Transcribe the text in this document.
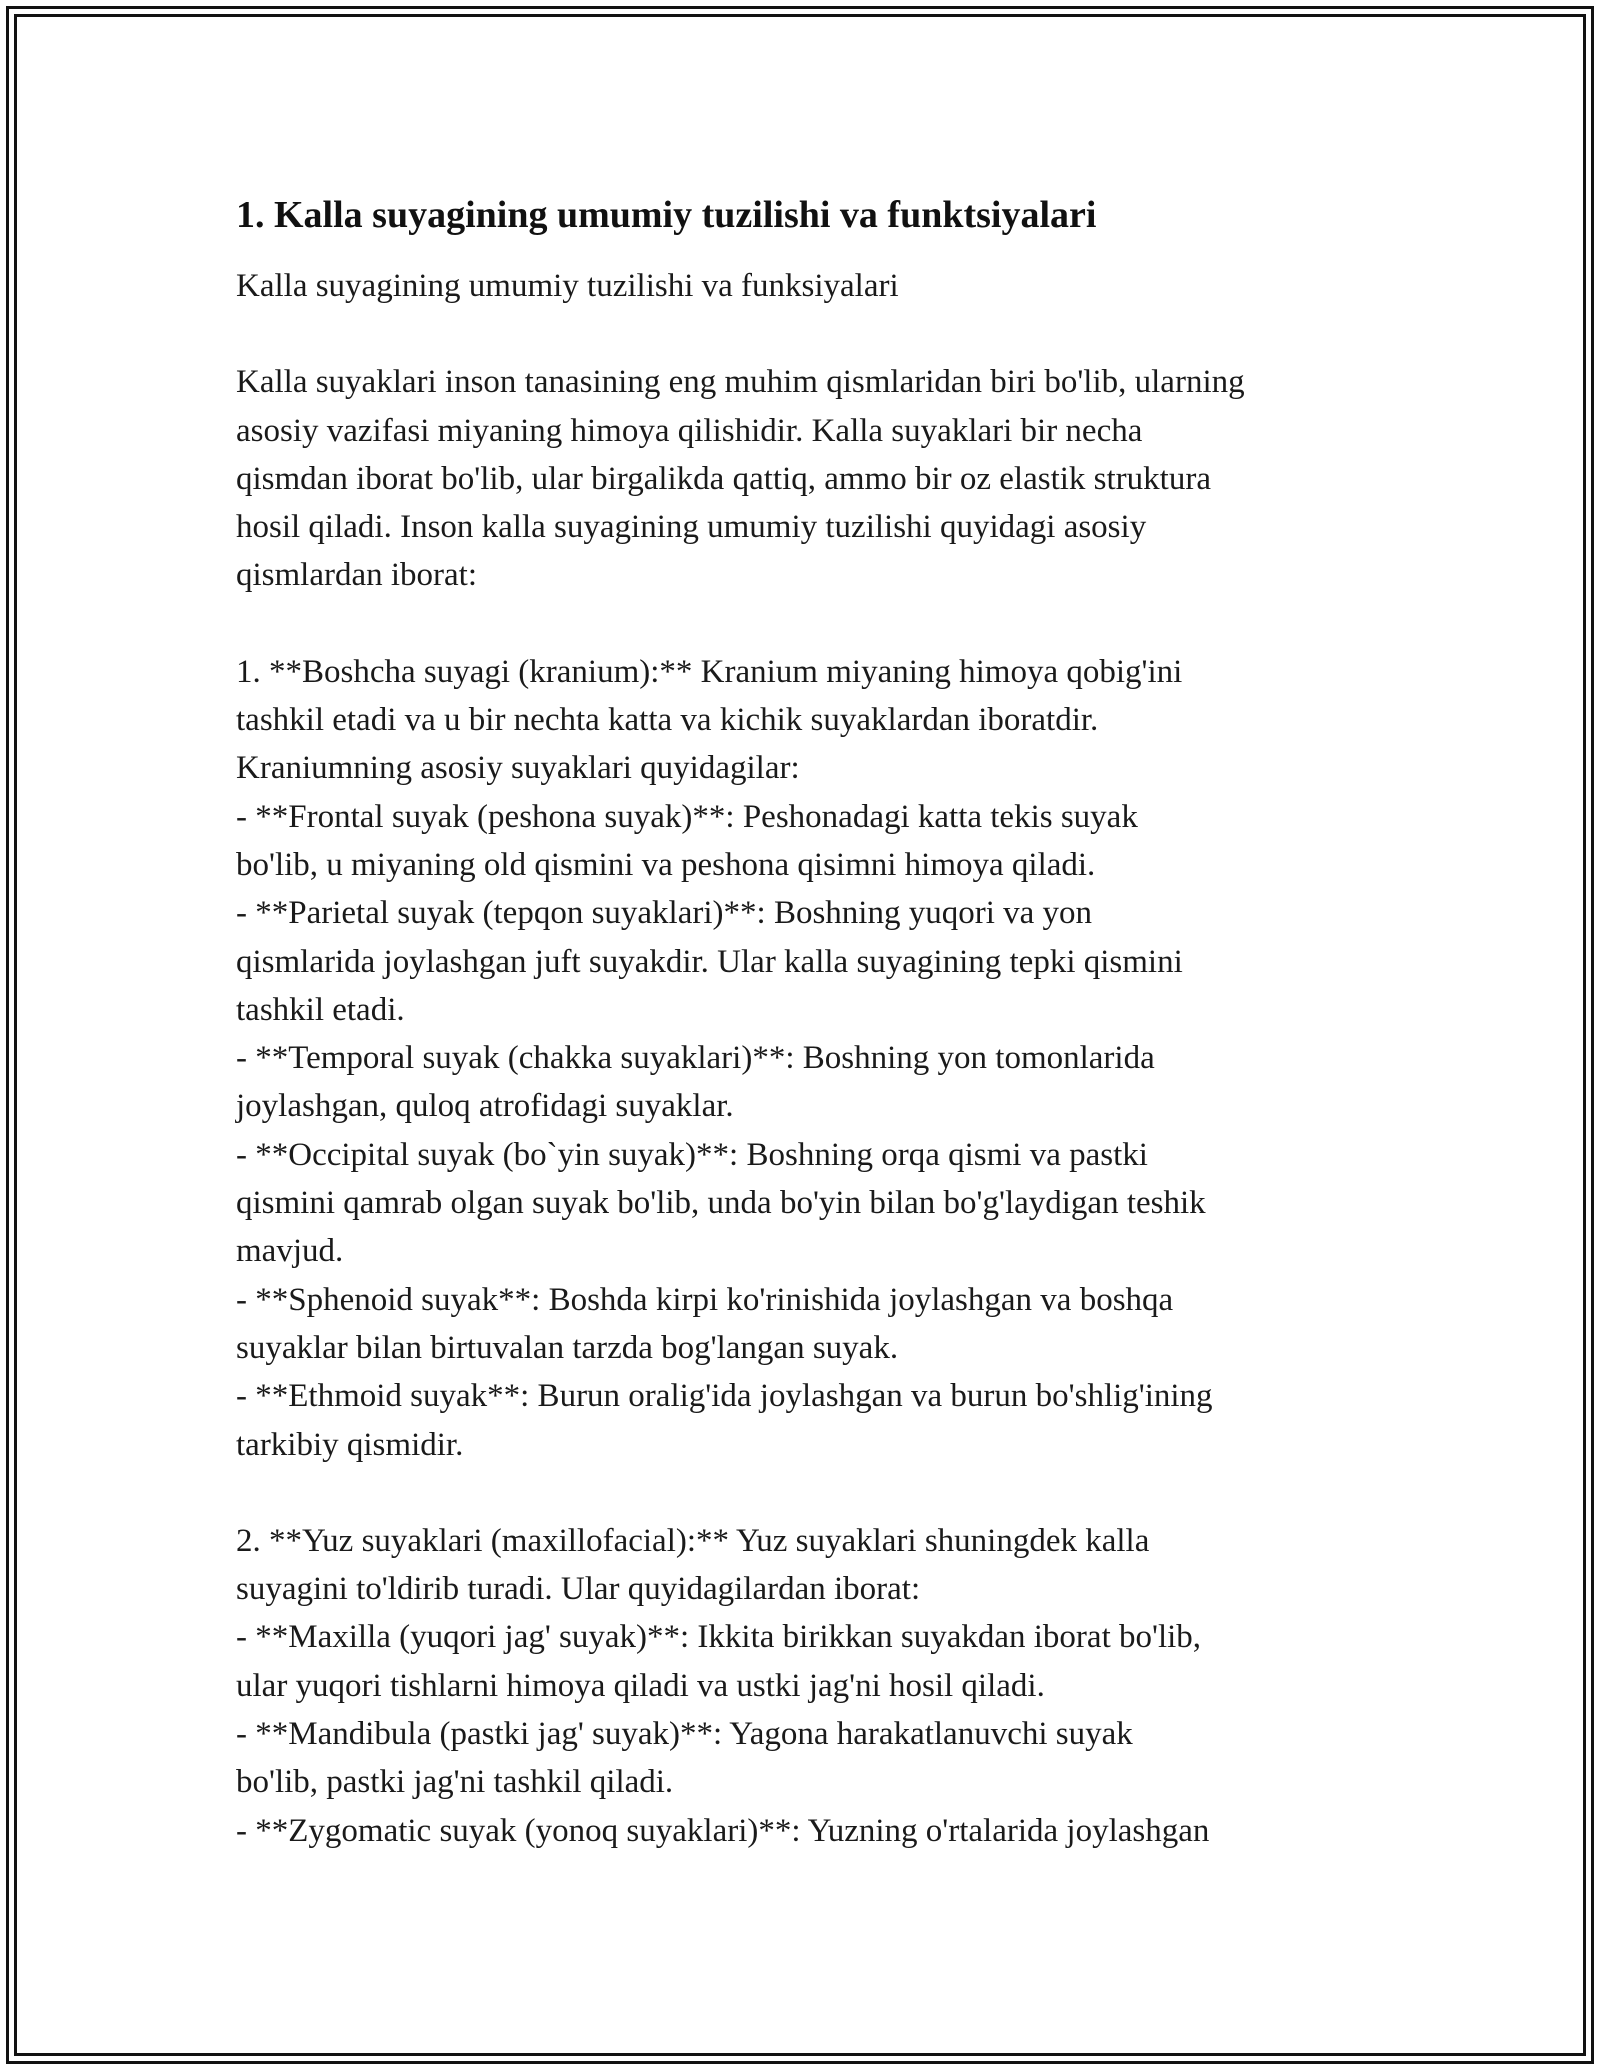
1. Kalla suyagining umumiy tuzilishi va funktsiyalari

Kalla suyagining umumiy tuzilishi va funksiyalari

Kalla suyaklari inson tanasining eng muhim qismlaridan biri bo'lib, ularning
asosiy vazifasi miyaning himoya qilishidir. Kalla suyaklari bir necha
qismdan iborat bo'lib, ular birgalikda qattiq, ammo bir oz elastik struktura
hosil qiladi. Inson kalla suyagining umumiy tuzilishi quyidagi asosiy
qismlardan iborat:

1. **Boshcha suyagi (kranium):** Kranium miyaning himoya qobig'ini
tashkil etadi va u bir nechta katta va kichik suyaklardan iboratdir.
Kraniumning asosiy suyaklari quyidagilar:
- **Frontal suyak (peshona suyak)**: Peshonadagi katta tekis suyak
bo'lib, u miyaning old qismini va peshona qisimni himoya qiladi.
- **Parietal suyak (tepqon suyaklari)**: Boshning yuqori va yon
qismlarida joylashgan juft suyakdir. Ular kalla suyagining tepki qismini
tashkil etadi.
- **Temporal suyak (chakka suyaklari)**: Boshning yon tomonlarida
joylashgan, quloq atrofidagi suyaklar.
- **Occipital suyak (bo`yin suyak)**: Boshning orqa qismi va pastki
qismini qamrab olgan suyak bo'lib, unda bo'yin bilan bo'g'laydigan teshik
mavjud.
- **Sphenoid suyak**: Boshda kirpi ko'rinishida joylashgan va boshqa
suyaklar bilan birtuvalan tarzda bog'langan suyak.
- **Ethmoid suyak**: Burun oralig'ida joylashgan va burun bo'shlig'ining
tarkibiy qismidir.

2. **Yuz suyaklari (maxillofacial):** Yuz suyaklari shuningdek kalla
suyagini to'ldirib turadi. Ular quyidagilardan iborat:
- **Maxilla (yuqori jag' suyak)**: Ikkita birikkan suyakdan iborat bo'lib,
ular yuqori tishlarni himoya qiladi va ustki jag'ni hosil qiladi.
- **Mandibula (pastki jag' suyak)**: Yagona harakatlanuvchi suyak
bo'lib, pastki jag'ni tashkil qiladi.
- **Zygomatic suyak (yonoq suyaklari)**: Yuzning o'rtalarida joylashgan
